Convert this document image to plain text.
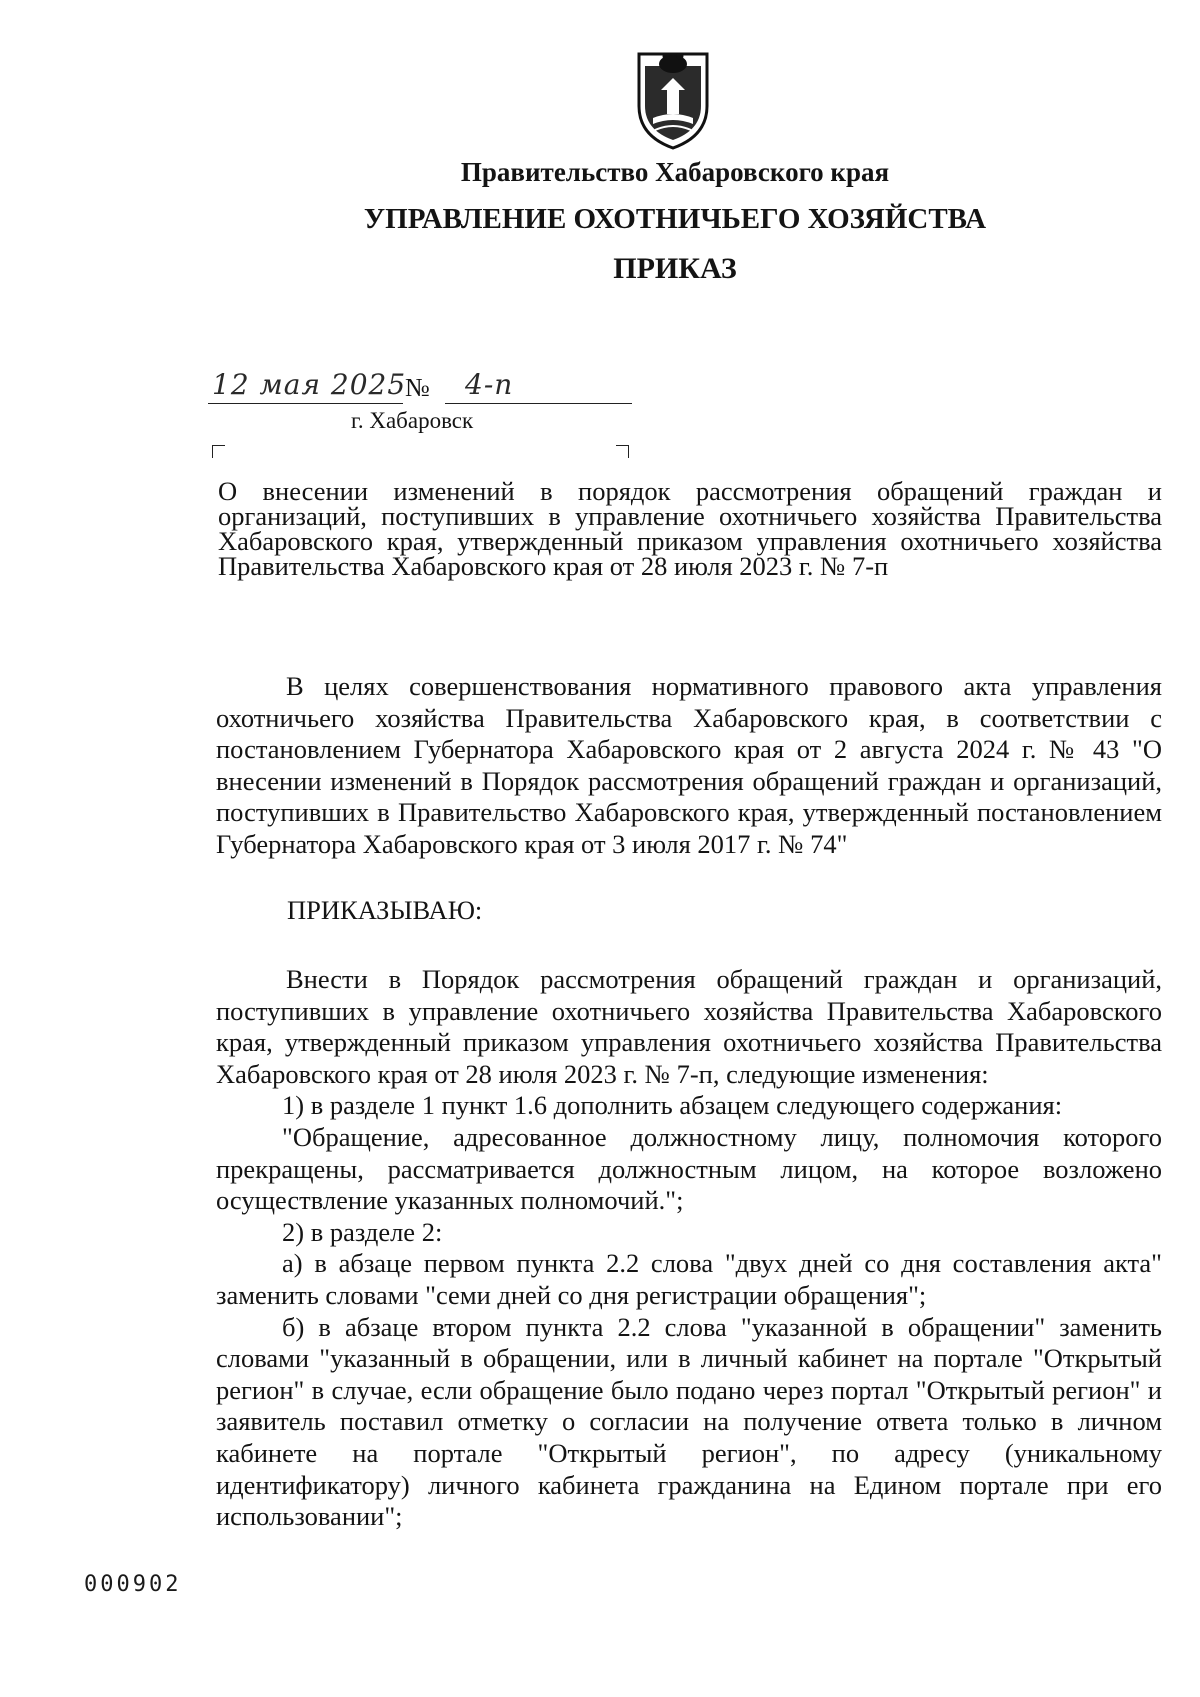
Правительство Хабаровского края
УПРАВЛЕНИЕ ОХОТНИЧЬЕГО ХОЗЯЙСТВА
ПРИКАЗ
12 мая 2025
№ 4-п
г. Хабаровск
О внесении изменений в порядок рассмотрения обращений граждан и организаций, поступивших в управление охотничьего хозяйства Правительства Хабаровского края, утвержденный приказом управления охотничьего хозяйства Правительства Хабаровского края от 28 июля 2023 г. № 7-п

В целях совершенствования нормативного правового акта управления охотничьего хозяйства Правительства Хабаровского края, в соответствии с постановлением Губернатора Хабаровского края от 2 августа 2024 г. № 43 "О внесении изменений в Порядок рассмотрения обращений граждан и организаций, поступивших в Правительство Хабаровского края, утвержденный постановлением Губернатора Хабаровского края от 3 июля 2017 г. № 74"

ПРИКАЗЫВАЮ:

Внести в Порядок рассмотрения обращений граждан и организаций, поступивших в управление охотничьего хозяйства Правительства Хабаровского края, утвержденный приказом управления охотничьего хозяйства Правительства Хабаровского края от 28 июля 2023 г. № 7-п, следующие изменения:

1) в разделе 1 пункт 1.6 дополнить абзацем следующего содержания:

"Обращение, адресованное должностному лицу, полномочия которого прекращены, рассматривается должностным лицом, на которое возложено осуществление указанных полномочий.";

2) в разделе 2:

а) в абзаце первом пункта 2.2 слова "двух дней со дня составления акта" заменить словами "семи дней со дня регистрации обращения";

б) в абзаце втором пункта 2.2 слова "указанной в обращении" заменить словами "указанный в обращении, или в личный кабинет на портале "Открытый регион" в случае, если обращение было подано через портал "Открытый регион" и заявитель поставил отметку о согласии на получение ответа только в личном кабинете на портале "Открытый регион", по адресу (уникальному идентификатору) личного кабинета гражданина на Едином портале при его использовании";

000902
